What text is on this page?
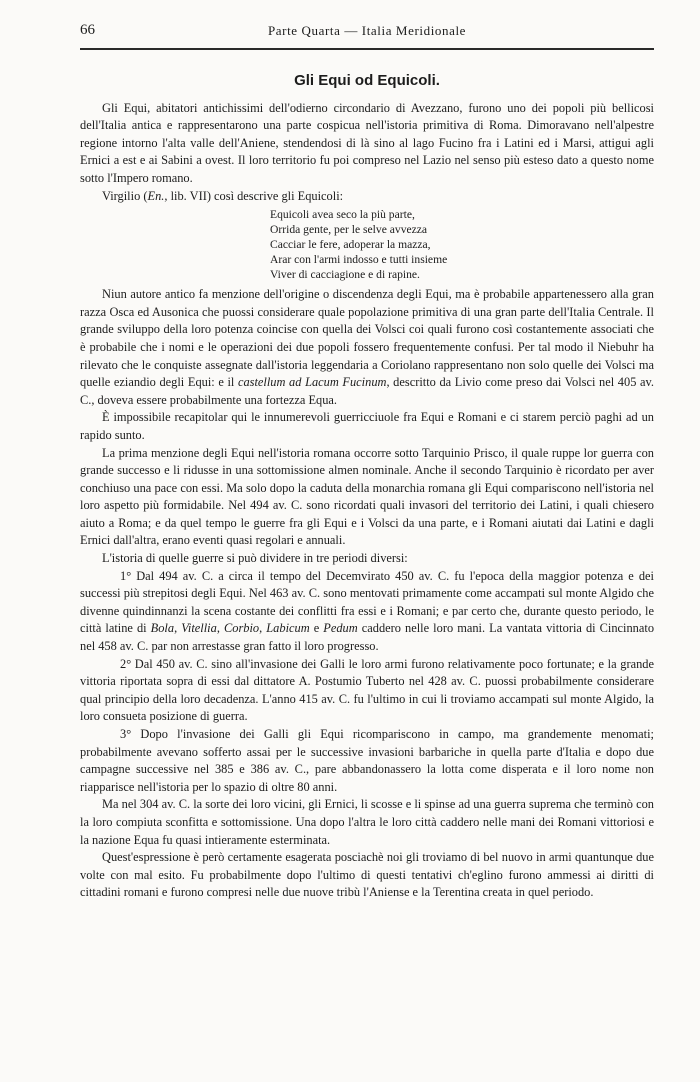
66	Parte Quarta — Italia Meridionale
Gli Equi od Equicoli.

Gli Equi, abitatori antichissimi dell'odierno circondario di Avezzano, furono uno dei popoli più bellicosi dell'Italia antica e rappresentarono una parte cospicua nell'istoria primitiva di Roma. Dimoravano nell'alpestre regione intorno l'alta valle dell'Aniene, stendendosi di là sino al lago Fucino fra i Latini ed i Marsi, attigui agli Ernici a est e ai Sabini a ovest. Il loro territorio fu poi compreso nel Lazio nel senso più esteso dato a questo nome sotto l'Impero romano.

Virgilio (En., lib. VII) così descrive gli Equicoli:

Equicoli avea seco la più parte,
Orrida gente, per le selve avvezza
Cacciar le fere, adoperar la mazza,
Arar con l'armi indosso e tutti insieme
Viver di cacciagione e di rapine.

Niun autore antico fa menzione dell'origine o discendenza degli Equi, ma è probabile appartenessero alla gran razza Osca ed Ausonica che puossi considerare quale popolazione primitiva di una gran parte dell'Italia Centrale. Il grande sviluppo della loro potenza coincise con quella dei Volsci coi quali furono così costantemente associati che è probabile che i nomi e le operazioni dei due popoli fossero frequentemente confusi. Per tal modo il Niebuhr ha rilevato che le conquiste assegnate dall'istoria leggendaria a Coriolano rappresentano non solo quelle dei Volsci ma quelle eziandio degli Equi: e il castellum ad Lacum Fucinum, descritto da Livio come preso dai Volsci nel 405 av. C., doveva essere probabilmente una fortezza Equa.

È impossibile recapitolar qui le innumerevoli guerricciuole fra Equi e Romani e ci starem perciò paghi ad un rapido sunto.

La prima menzione degli Equi nell'istoria romana occorre sotto Tarquinio Prisco, il quale ruppe lor guerra con grande successo e li ridusse in una sottomissione almen nominale. Anche il secondo Tarquinio è ricordato per aver conchiuso una pace con essi. Ma solo dopo la caduta della monarchia romana gli Equi compariscono nell'istoria nel loro aspetto più formidabile. Nel 494 av. C. sono ricordati quali invasori del territorio dei Latini, i quali chiesero aiuto a Roma; e da quel tempo le guerre fra gli Equi e i Volsci da una parte, e i Romani aiutati dai Latini e dagli Ernici dall'altra, erano eventi quasi regolari e annuali.

L'istoria di quelle guerre si può dividere in tre periodi diversi:

1° Dal 494 av. C. a circa il tempo del Decemvirato 450 av. C. fu l'epoca della maggior potenza e dei successi più strepitosi degli Equi. Nel 463 av. C. sono mentovati primamente come accampati sul monte Algido che divenne quindinnanzi la scena costante dei conflitti fra essi e i Romani; e par certo che, durante questo periodo, le città latine di Bola, Vitellia, Corbio, Labicum e Pedum caddero nelle loro mani. La vantata vittoria di Cincinnato nel 458 av. C. par non arrestasse gran fatto il loro progresso.

2° Dal 450 av. C. sino all'invasione dei Galli le loro armi furono relativamente poco fortunate; e la grande vittoria riportata sopra di essi dal dittatore A. Postumio Tuberto nel 428 av. C. puossi probabilmente considerare qual principio della loro decadenza. L'anno 415 av. C. fu l'ultimo in cui li troviamo accampati sul monte Algido, la loro consueta posizione di guerra.

3° Dopo l'invasione dei Galli gli Equi ricompariscono in campo, ma grandemente menomati; probabilmente avevano sofferto assai per le successive invasioni barbariche in quella parte d'Italia e dopo due campagne successive nel 385 e 386 av. C., pare abbandonassero la lotta come disperata e il loro nome non riapparisce nell'istoria per lo spazio di oltre 80 anni.

Ma nel 304 av. C. la sorte dei loro vicini, gli Ernici, li scosse e li spinse ad una guerra suprema che terminò con la loro compiuta sconfitta e sottomissione. Una dopo l'altra le loro città caddero nelle mani dei Romani vittoriosi e la nazione Equa fu quasi intieramente esterminata.

Quest'espressione è però certamente esagerata posciachè noi gli troviamo di bel nuovo in armi quantunque due volte con mal esito. Fu probabilmente dopo l'ultimo di questi tentativi ch'eglino furono ammessi ai diritti di cittadini romani e furono compresi nelle due nuove tribù l'Aniense e la Terentina creata in quel periodo.
